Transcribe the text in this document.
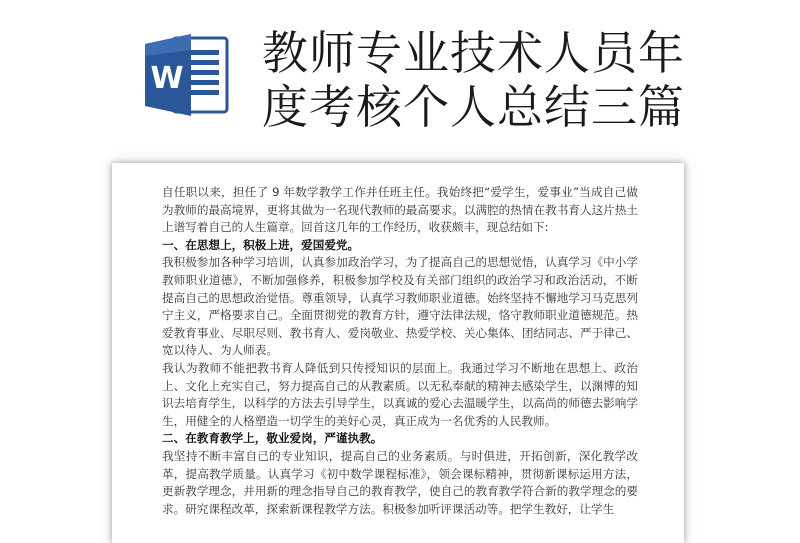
W 教师专业技术人员年
度考核个人总结三篇

自任职以来，担任了 9 年数学教学工作并任班主任。我始终把“爱学生，爱事业”当成自己做为教师的最高境界，更将其做为一名现代教师的最高要求。以满腔的热情在教书育人这片热土上谱写着自己的人生篇章。回首这几年的工作经历，收获颇丰，现总结如下:

一、在思想上，积极上进，爱国爱党。

我积极参加各种学习培训，认真参加政治学习，为了提高自己的思想觉悟，认真学习《中小学教师职业道德》，不断加强修养，积极参加学校及有关部门组织的政治学习和政治活动，不断提高自己的思想政治觉悟。尊重领导，认真学习教师职业道德。始终坚持不懈地学习马克思列宁主义，严格要求自己。全面贯彻党的教育方针，遵守法律法规，恪守教师职业道德规范。热爱教育事业、尽职尽则、教书育人、爱岗敬业、热爱学校、关心集体、团结同志、严于律己、宽以待人、为人师表。

我认为教师不能把教书育人降低到只传授知识的层面上。我通过学习不断地在思想上、政治上、文化上充实自己，努力提高自己的从教素质。以无私奉献的精神去感染学生，以渊博的知识去培育学生，以科学的方法去引导学生，以真诚的爱心去温暖学生，以高尚的师德去影响学生，用健全的人格塑造一切学生的美好心灵，真正成为一名优秀的人民教师。

二、在教育教学上，敬业爱岗，严谨执教。

我坚持不断丰富自己的专业知识，提高自己的业务素质。与时俱进，开拓创新，深化教学改革，提高教学质量。认真学习《初中数学课程标准》，领会课标精神，贯彻新课标运用方法，更新教学理念，并用新的理念指导自己的教育教学，使自己的教育教学符合新的教学理念的要求。研究课程改革，探索新课程教学方法。积极参加听评课活动等。把学生教好，让学生
